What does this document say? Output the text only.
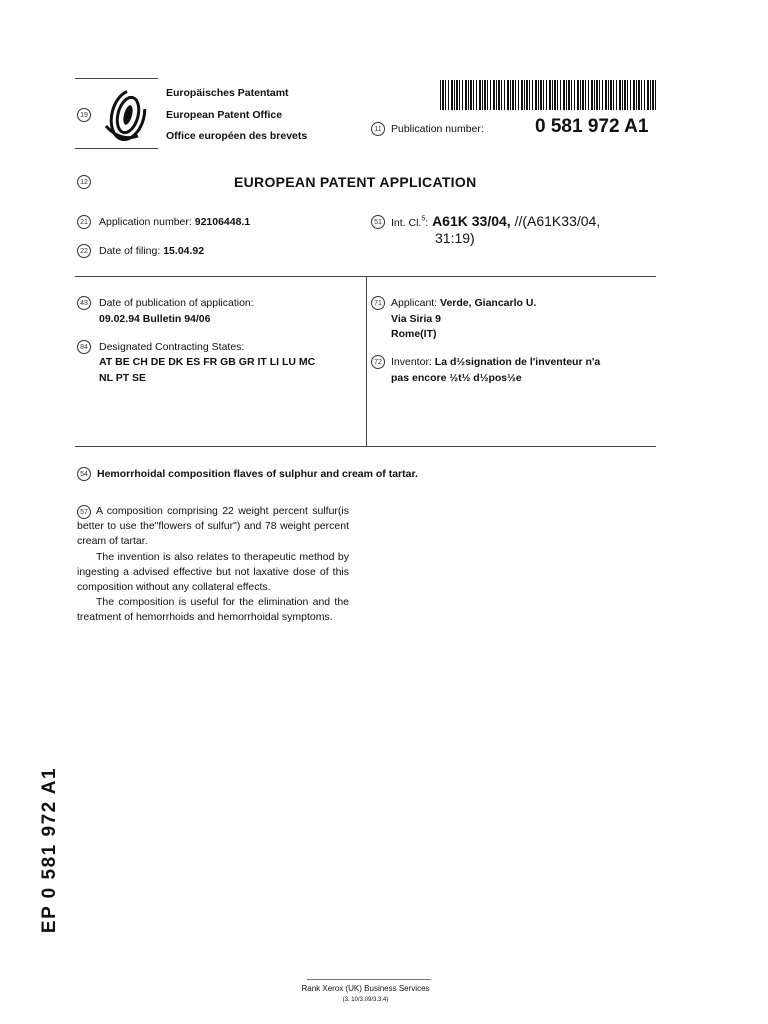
19
Europäisches Patentamt
European Patent Office
Office européen des brevets
11 Publication number:	0 581 972 A1
12	EUROPEAN PATENT APPLICATION
21 Application number: 92106448.1
22 Date of filing: 15.04.92
51 Int. Cl.$^5$: A61K 33/04, //(A61K33/04,
31:19)
43 Date of publication of application:
09.02.94 Bulletin 94/06
84 Designated Contracting States:
AT BE CH DE DK ES FR GB GR IT LI LU MC
NL PT SE
71 Applicant: Verde, Giancarlo U.
Via Siria 9
Rome(IT)
72 Inventor: La d½signation de l'inventeur n'a
pas encore ½t½ d½pos½e
54 Hemorrhoidal composition flaves of sulphur and cream of tartar.
57 A composition comprising 22 weight percent sulfur(is better to use the"flowers of sulfur") and 78 weight percent cream of tartar.

The invention is also relates to therapeutic method by ingesting a advised effective but not laxative dose of this composition without any collateral effects.

The composition is useful for the elimination and the treatment of hemorrhoids and hemorrhoidal symptoms.

EP 0 581 972 A1
Rank Xerox (UK) Business Services
(3. 10/3.09/3.3.4)
